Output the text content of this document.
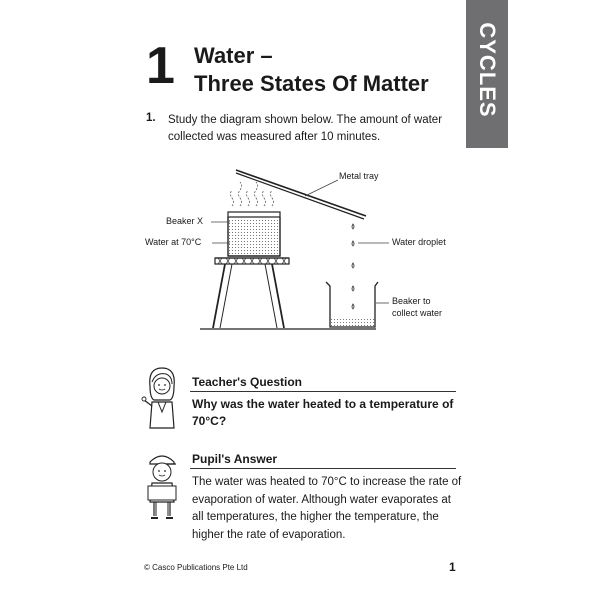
1 Water –
Three States Of Matter CYCLES
1. Study the diagram shown below. The amount of water collected was measured after 10 minutes.
Metal tray
Beaker X
Water at 70°C	Water droplet
Beaker to
collect water
Teacher's Question
Why was the water heated to a temperature of 70°C?
Pupil's Answer
The water was heated to 70°C to increase the rate of evaporation of water. Although water evaporates at all temperatures, the higher the temperature, the higher the rate of evaporation.
© Casco Publications Pte Ltd	1
